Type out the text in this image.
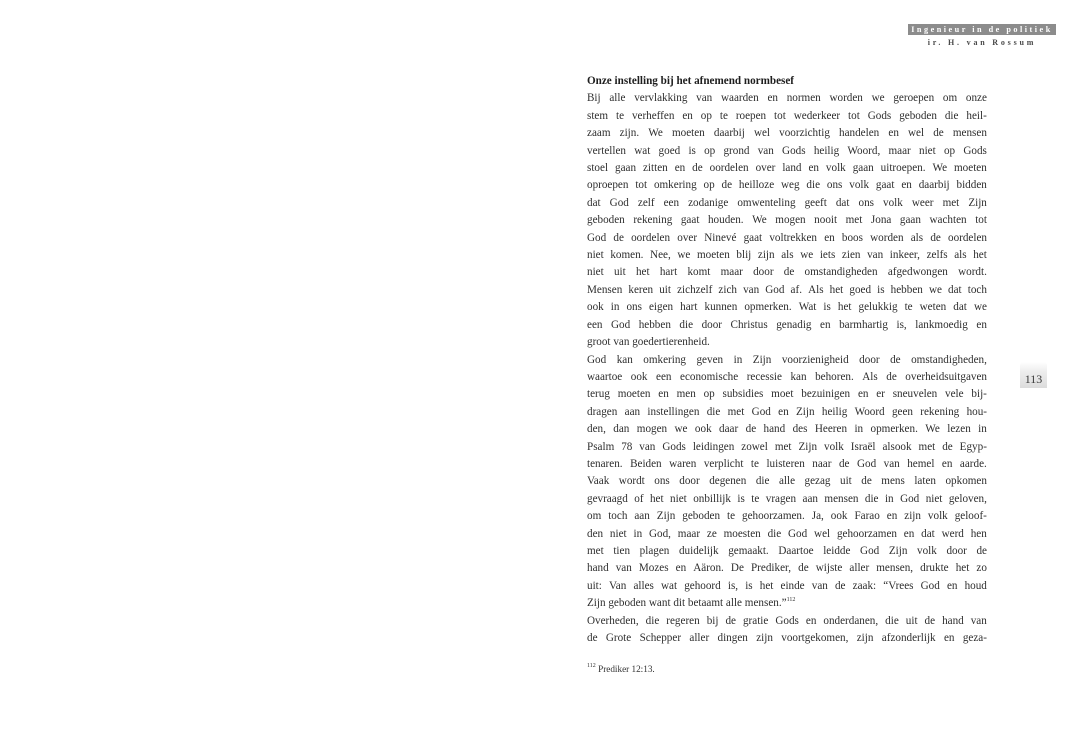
Ingenieur in de politiek
ir. H. van Rossum
113
Onze instelling bij het afnemend normbesef
Bij alle vervlakking van waarden en normen worden we geroepen om onze
stem te verheffen en op te roepen tot wederkeer tot Gods geboden die heil-
zaam zijn. We moeten daarbij wel voorzichtig handelen en wel de mensen
vertellen wat goed is op grond van Gods heilig Woord, maar niet op Gods
stoel gaan zitten en de oordelen over land en volk gaan uitroepen. We moeten
oproepen tot omkering op de heilloze weg die ons volk gaat en daarbij bidden
dat God zelf een zodanige omwenteling geeft dat ons volk weer met Zijn
geboden rekening gaat houden. We mogen nooit met Jona gaan wachten tot
God de oordelen over Ninevé gaat voltrekken en boos worden als de oordelen
niet komen. Nee, we moeten blij zijn als we iets zien van inkeer, zelfs als het
niet uit het hart komt maar door de omstandigheden afgedwongen wordt.
Mensen keren uit zichzelf zich van God af. Als het goed is hebben we dat toch
ook in ons eigen hart kunnen opmerken. Wat is het gelukkig te weten dat we
een God hebben die door Christus genadig en barmhartig is, lankmoedig en
groot van goedertierenheid.
God kan omkering geven in Zijn voorzienigheid door de omstandigheden,
waartoe ook een economische recessie kan behoren. Als de overheidsuitgaven
terug moeten en men op subsidies moet bezuinigen en er sneuvelen vele bij-
dragen aan instellingen die met God en Zijn heilig Woord geen rekening hou-
den, dan mogen we ook daar de hand des Heeren in opmerken. We lezen in
Psalm 78 van Gods leidingen zowel met Zijn volk Israël alsook met de Egyp-
tenaren. Beiden waren verplicht te luisteren naar de God van hemel en aarde.
Vaak wordt ons door degenen die alle gezag uit de mens laten opkomen
gevraagd of het niet onbillijk is te vragen aan mensen die in God niet geloven,
om toch aan Zijn geboden te gehoorzamen. Ja, ook Farao en zijn volk geloof-
den niet in God, maar ze moesten die God wel gehoorzamen en dat werd hen
met tien plagen duidelijk gemaakt. Daartoe leidde God Zijn volk door de
hand van Mozes en Aäron. De Prediker, de wijste aller mensen, drukte het zo
uit: Van alles wat gehoord is, is het einde van de zaak: “Vrees God en houd
Zijn geboden want dit betaamt alle mensen.”$^{112}$
Overheden, die regeren bij de gratie Gods en onderdanen, die uit de hand van
de Grote Schepper aller dingen zijn voortgekomen, zijn afzonderlijk en geza-
$^{112}$ Prediker 12:13.
